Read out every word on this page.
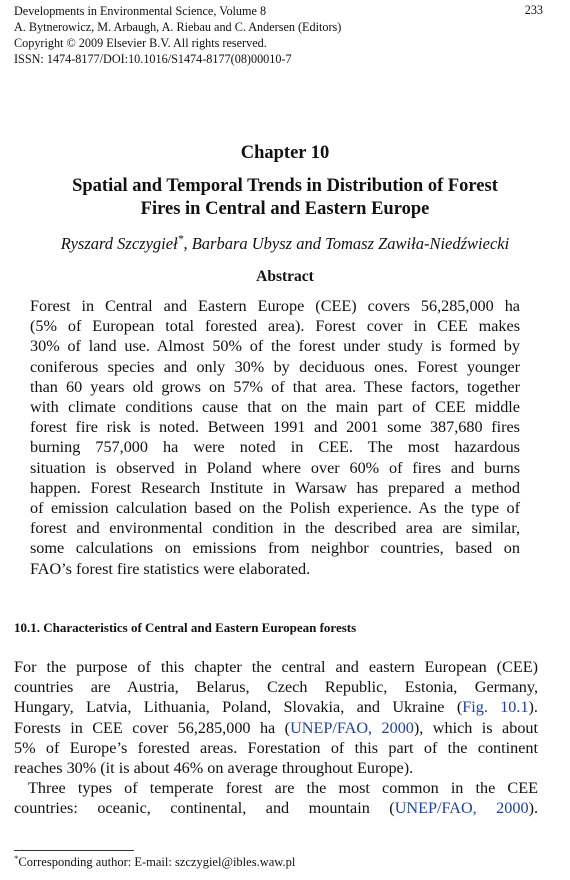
Developments in Environmental Science, Volume 8
A. Bytnerowicz, M. Arbaugh, A. Riebau and C. Andersen (Editors)
Copyright © 2009 Elsevier B.V. All rights reserved.
ISSN: 1474-8177/DOI:10.1016/S1474-8177(08)00010-7
233
Chapter 10
Spatial and Temporal Trends in Distribution of Forest
Fires in Central and Eastern Europe
Ryszard Szczygieł*, Barbara Ubysz and Tomasz Zawiła-Niedźwiecki
Abstract
Forest in Central and Eastern Europe (CEE) covers 56,285,000 ha
(5% of European total forested area). Forest cover in CEE makes
30% of land use. Almost 50% of the forest under study is formed by
coniferous species and only 30% by deciduous ones. Forest younger
than 60 years old grows on 57% of that area. These factors, together
with climate conditions cause that on the main part of CEE middle
forest fire risk is noted. Between 1991 and 2001 some 387,680 fires
burning 757,000 ha were noted in CEE. The most hazardous
situation is observed in Poland where over 60% of fires and burns
happen. Forest Research Institute in Warsaw has prepared a method
of emission calculation based on the Polish experience. As the type of
forest and environmental condition in the described area are similar,
some calculations on emissions from neighbor countries, based on
FAO’s forest fire statistics were elaborated.
10.1. Characteristics of Central and Eastern European forests
For the purpose of this chapter the central and eastern European (CEE)
countries are Austria, Belarus, Czech Republic, Estonia, Germany,
Hungary, Latvia, Lithuania, Poland, Slovakia, and Ukraine (Fig. 10.1).
Forests in CEE cover 56,285,000 ha (UNEP/FAO, 2000), which is about
5% of Europe’s forested areas. Forestation of this part of the continent
reaches 30% (it is about 46% on average throughout Europe).
Three types of temperate forest are the most common in the CEE
countries: oceanic, continental, and mountain (UNEP/FAO, 2000).
*Corresponding author: E-mail: szczygiel@ibles.waw.pl
